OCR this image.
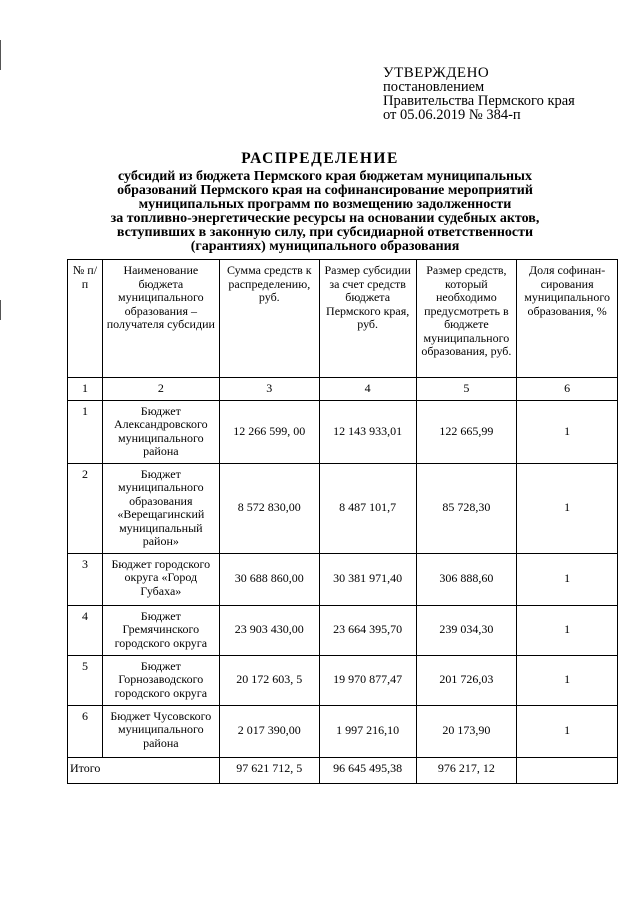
УТВЕРЖДЕНО
постановлением
Правительства Пермского края
от 05.06.2019 № 384-п
РАСПРЕДЕЛЕНИЕ
субсидий из бюджета Пермского края бюджетам муниципальных
образований Пермского края на софинансирование мероприятий
муниципальных программ по возмещению задолженности
за топливно-энергетические ресурсы на основании судебных актов,
вступивших в законную силу, при субсидиарной ответственности
(гарантиях) муниципального образования
№ п/п	Наименование бюджета муниципального образования – получателя субсидии	Сумма средств к распределению, руб.	Размер субсидии за счет средств бюджета Пермского края, руб.	Размер средств, который необходимо предусмотреть в бюджете муниципального образования, руб.	Доля софинан-сирования муниципального образования, %
1	2	3	4	5	6
1	Бюджет Александровского муниципального района	12 266 599, 00	12 143 933,01	122 665,99	1
2	Бюджет муниципального образования «Верещагинский муниципальный район»	8 572 830,00	8 487 101,7	85 728,30	1
3	Бюджет городского округа «Город Губаха»	30 688 860,00	30 381 971,40	306 888,60	1
4	Бюджет Гремячинского городского округа	23 903 430,00	23 664 395,70	239 034,30	1
5	Бюджет Горнозаводского городского округа	20 172 603, 5	19 970 877,47	201 726,03	1
6	Бюджет Чусовского муниципального района	2 017 390,00	1 997 216,10	20 173,90	1
Итого		97 621 712, 5	96 645 495,38	976 217, 12	
